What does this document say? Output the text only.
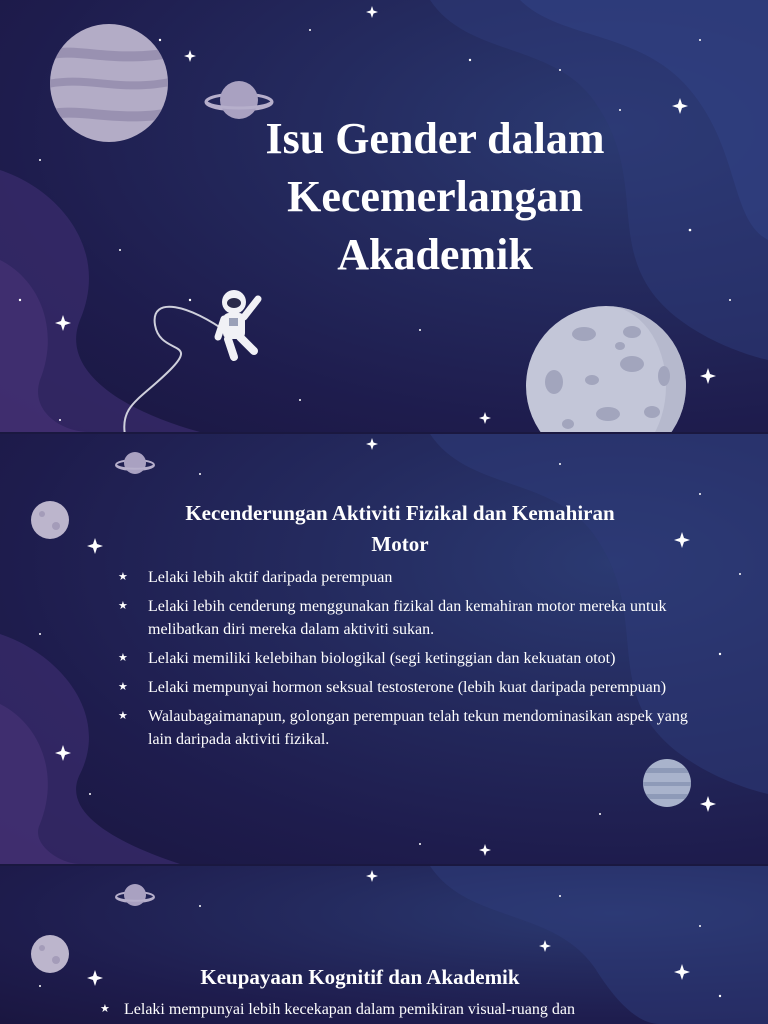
Isu Gender dalam
Kecemerlangan
Akademik
Kecenderungan Aktiviti Fizikal dan Kemahiran
Motor
★ Lelaki lebih aktif daripada perempuan
★ Lelaki lebih cenderung menggunakan fizikal dan kemahiran motor mereka untuk melibatkan diri mereka dalam aktiviti sukan.
★ Lelaki memiliki kelebihan biologikal (segi ketinggian dan kekuatan otot)
★ Lelaki mempunyai hormon seksual testosterone (lebih kuat daripada perempuan)
★ Walaubagaimanapun, golongan perempuan telah tekun mendominasikan aspek yang lain daripada aktiviti fizikal.
Keupayaan Kognitif dan Akademik
★ Lelaki mempunyai lebih kecekapan dalam pemikiran visual-ruang dan
